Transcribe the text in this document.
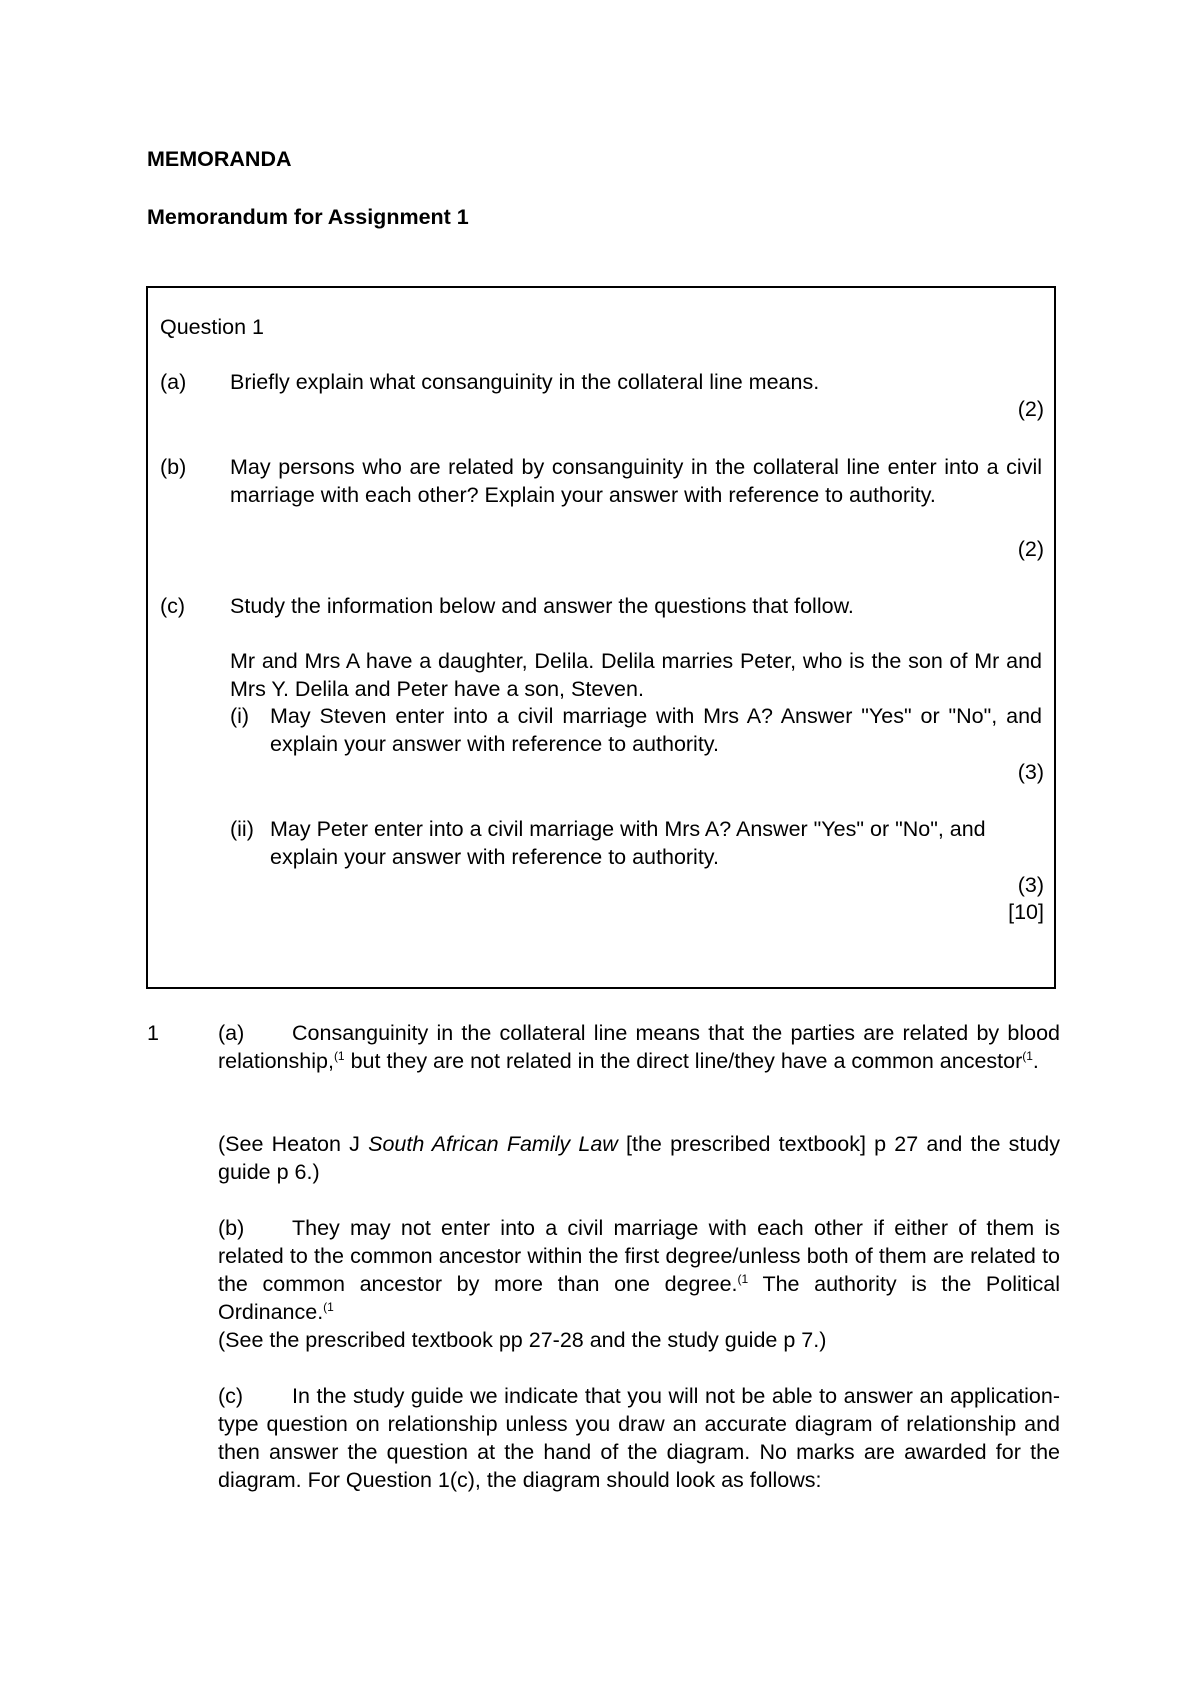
MEMORANDA
Memorandum for Assignment 1
Question 1
(a) Briefly explain what consanguinity in the collateral line means.
(2)
(b) May persons who are related by consanguinity in the collateral line enter into a civil marriage with each other? Explain your answer with reference to authority.
(2)
(c) Study the information below and answer the questions that follow.
Mr and Mrs A have a daughter, Delila. Delila marries Peter, who is the son of Mr and Mrs Y. Delila and Peter have a son, Steven.
(i) May Steven enter into a civil marriage with Mrs A? Answer "Yes" or "No", and explain your answer with reference to authority.
(3)
(ii) May Peter enter into a civil marriage with Mrs A? Answer "Yes" or "No", and explain your answer with reference to authority.
(3)
[10]
1	(a) Consanguinity in the collateral line means that the parties are related by blood relationship,$^{(1}$ but they are not related in the direct line/they have a common ancestor$^{(1}$.
(See Heaton J South African Family Law [the prescribed textbook] p 27 and the study guide p 6.)
(b) They may not enter into a civil marriage with each other if either of them is related to the common ancestor within the first degree/unless both of them are related to the common ancestor by more than one degree.$^{(1}$ The authority is the Political Ordinance.$^{(1}$
(See the prescribed textbook pp 27-28 and the study guide p 7.)
(c) In the study guide we indicate that you will not be able to answer an application-type question on relationship unless you draw an accurate diagram of relationship and then answer the question at the hand of the diagram. No marks are awarded for the diagram. For Question 1(c), the diagram should look as follows:
